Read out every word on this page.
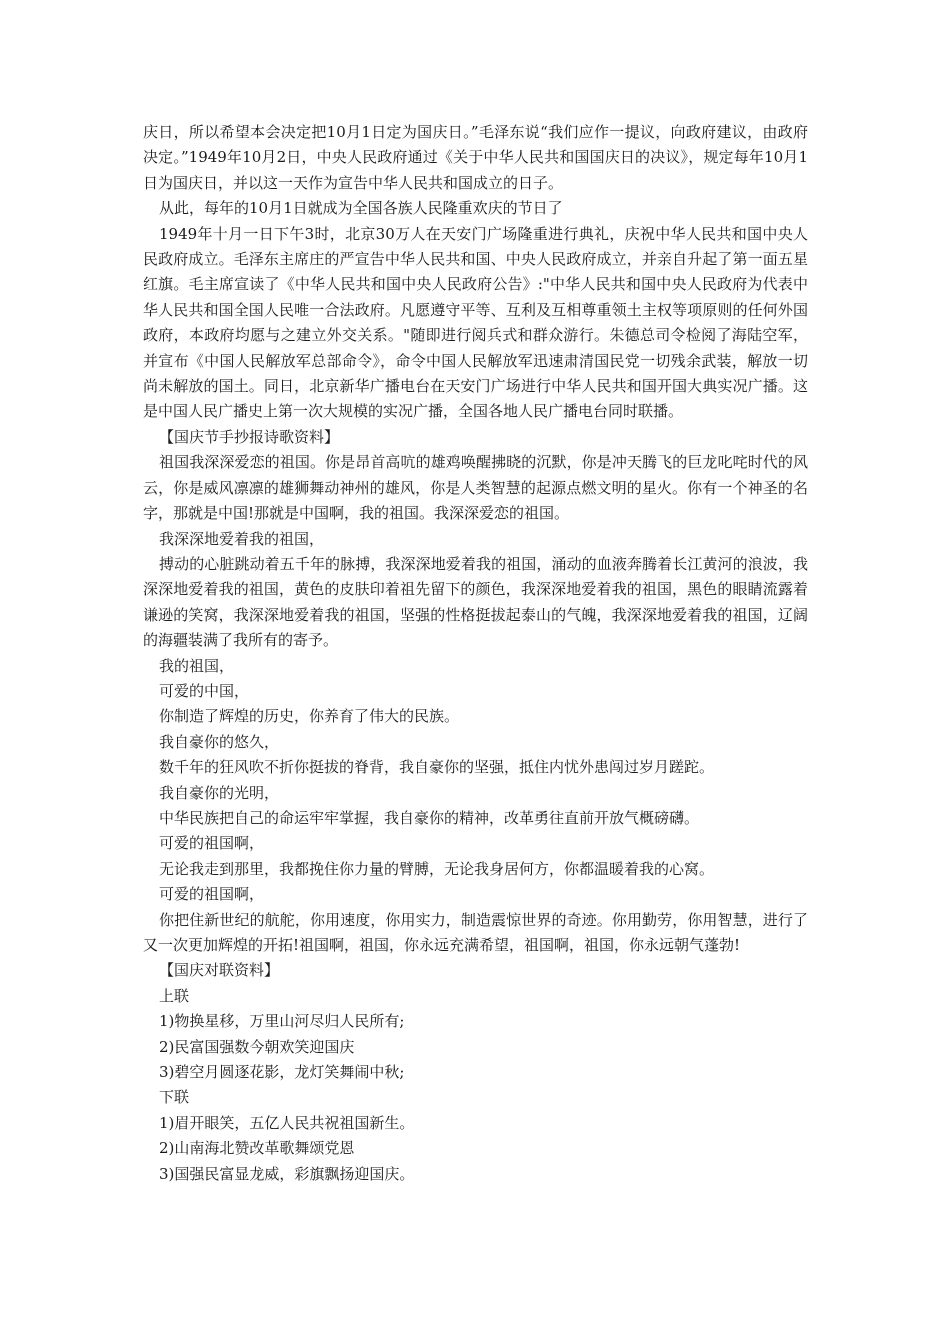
庆日，所以希望本会决定把10月1日定为国庆日。”毛泽东说“我们应作一提议，向政府建议，由政府决定。”1949年10月2日，中央人民政府通过《关于中华人民共和国国庆日的决议》，规定每年10月1日为国庆日，并以这一天作为宣告中华人民共和国成立的日子。

从此，每年的10月1日就成为全国各族人民隆重欢庆的节日了

1949年十月一日下午3时，北京30万人在天安门广场隆重进行典礼，庆祝中华人民共和国中央人民政府成立。毛泽东主席庄的严宣告中华人民共和国、中央人民政府成立，并亲自升起了第一面五星红旗。毛主席宣读了《中华人民共和国中央人民政府公告》:"中华人民共和国中央人民政府为代表中华人民共和国全国人民唯一合法政府。凡愿遵守平等、互利及互相尊重领土主权等项原则的任何外国政府，本政府均愿与之建立外交关系。"随即进行阅兵式和群众游行。朱德总司令检阅了海陆空军，并宣布《中国人民解放军总部命令》，命令中国人民解放军迅速肃清国民党一切残余武装，解放一切尚未解放的国土。同日，北京新华广播电台在天安门广场进行中华人民共和国开国大典实况广播。这是中国人民广播史上第一次大规模的实况广播，全国各地人民广播电台同时联播。

【国庆节手抄报诗歌资料】

祖国我深深爱恋的祖国。你是昂首高吭的雄鸡唤醒拂晓的沉默，你是冲天腾飞的巨龙叱咤时代的风云，你是威风凛凛的雄狮舞动神州的雄风，你是人类智慧的起源点燃文明的星火。你有一个神圣的名字，那就是中国!那就是中国啊，我的祖国。我深深爱恋的祖国。

我深深地爱着我的祖国，

搏动的心脏跳动着五千年的脉搏，我深深地爱着我的祖国，涌动的血液奔腾着长江黄河的浪波，我深深地爱着我的祖国，黄色的皮肤印着祖先留下的颜色，我深深地爱着我的祖国，黑色的眼睛流露着谦逊的笑窝，我深深地爱着我的祖国，坚强的性格挺拔起泰山的气魄，我深深地爱着我的祖国，辽阔的海疆装满了我所有的寄予。

我的祖国，

可爱的中国，

你制造了辉煌的历史，你养育了伟大的民族。

我自豪你的悠久，

数千年的狂风吹不折你挺拔的脊背，我自豪你的坚强，抵住内忧外患闯过岁月蹉跎。

我自豪你的光明，

中华民族把自己的命运牢牢掌握，我自豪你的精神，改革勇往直前开放气概磅礴。

可爱的祖国啊，

无论我走到那里，我都挽住你力量的臂膊，无论我身居何方，你都温暖着我的心窝。

可爱的祖国啊，

你把住新世纪的航舵，你用速度，你用实力，制造震惊世界的奇迹。你用勤劳，你用智慧，进行了又一次更加辉煌的开拓!祖国啊，祖国，你永远充满希望，祖国啊，祖国，你永远朝气蓬勃!

【国庆对联资料】

上联

1)物换星移，万里山河尽归人民所有;

2)民富国强数今朝欢笑迎国庆

3)碧空月圆逐花影，龙灯笑舞闹中秋;

下联

1)眉开眼笑，五亿人民共祝祖国新生。

2)山南海北赞改革歌舞颂党恩

3)国强民富显龙威，彩旗飘扬迎国庆。
